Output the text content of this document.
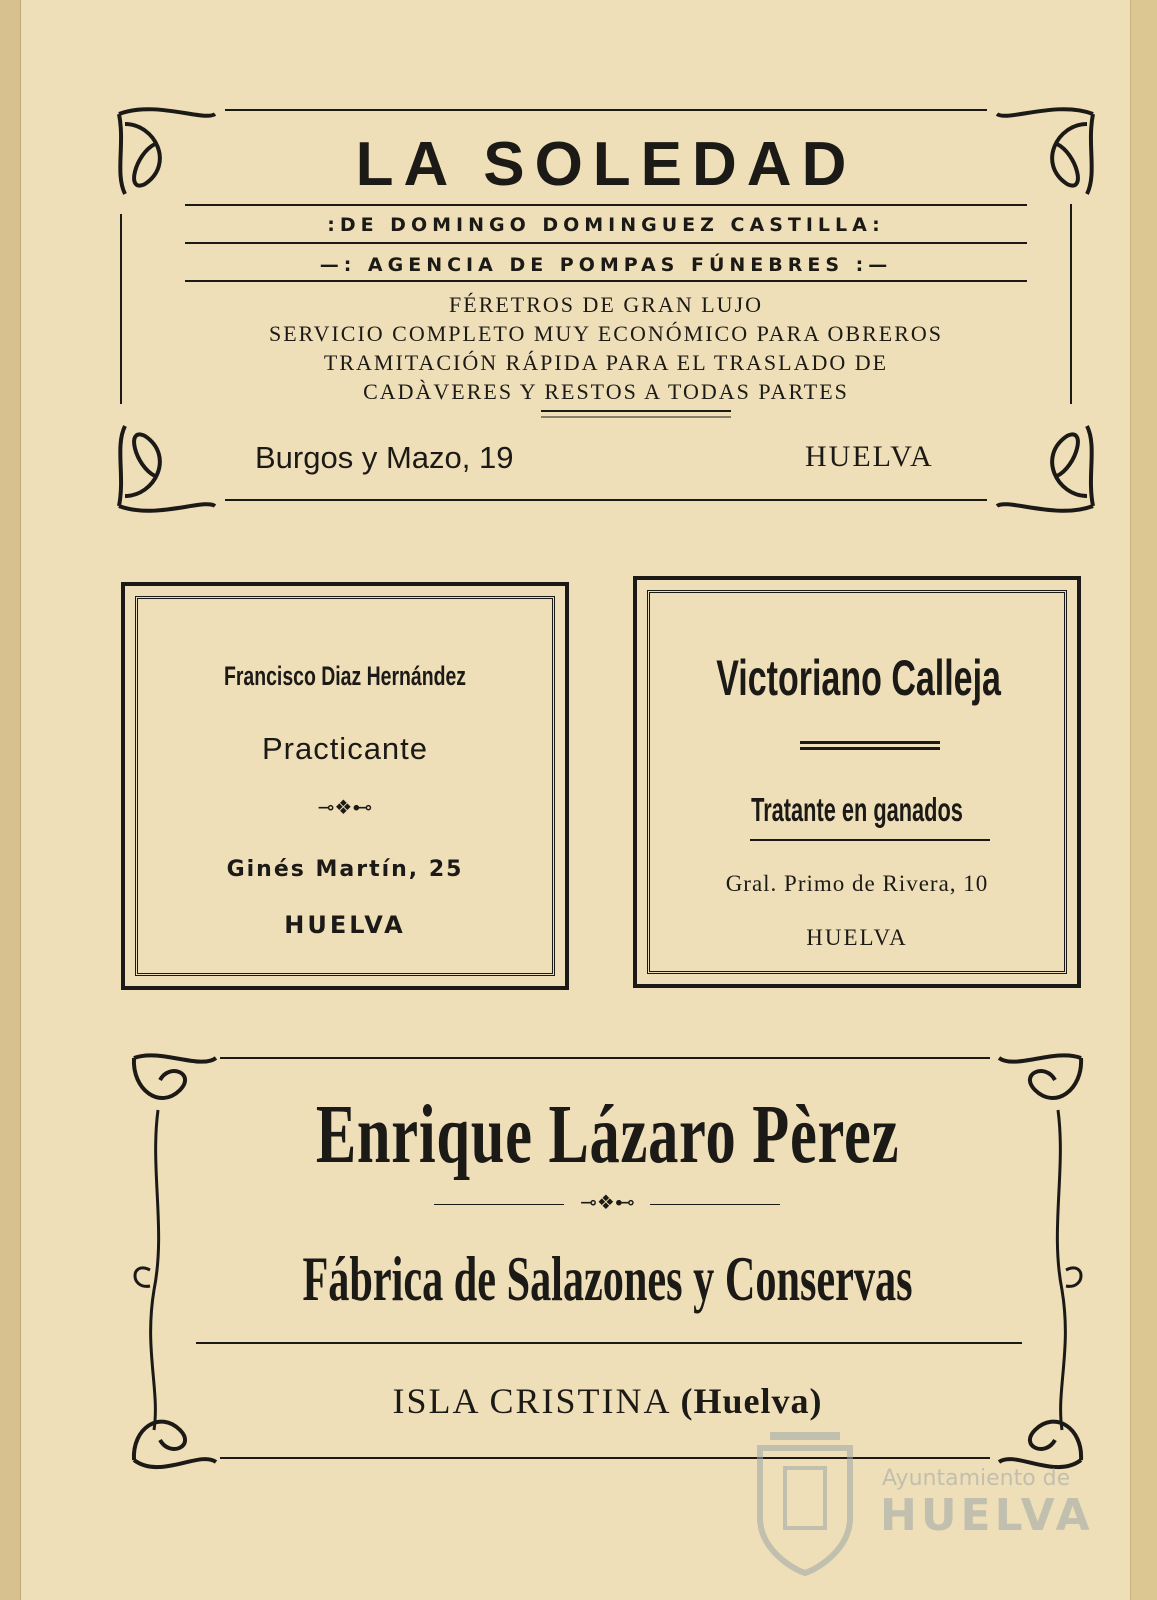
LA SOLEDAD
:DE DOMINGO DOMINGUEZ CASTILLA:
—: AGENCIA DE POMPAS FÚNEBRES :—
FÉRETROS DE GRAN LUJO
SERVICIO COMPLETO MUY ECONÓMICO PARA OBREROS
TRAMITACIÓN RÁPIDA PARA EL TRASLADO DE
CADÀVERES Y RESTOS A TODAS PARTES
Burgos y Mazo, 19	HUELVA
Francisco Diaz Hernández
Practicante
⊸❖⊷
Ginés Martín, 25
HUELVA
Victoriano Calleja
Tratante en ganados
Gral. Primo de Rivera, 10
HUELVA
Enrique Lázaro Pèrez
⊸❖⊷
Fábrica de Salazones y Conservas
ISLA CRISTINA (Huelva)
Ayuntamiento de
HUELVA
